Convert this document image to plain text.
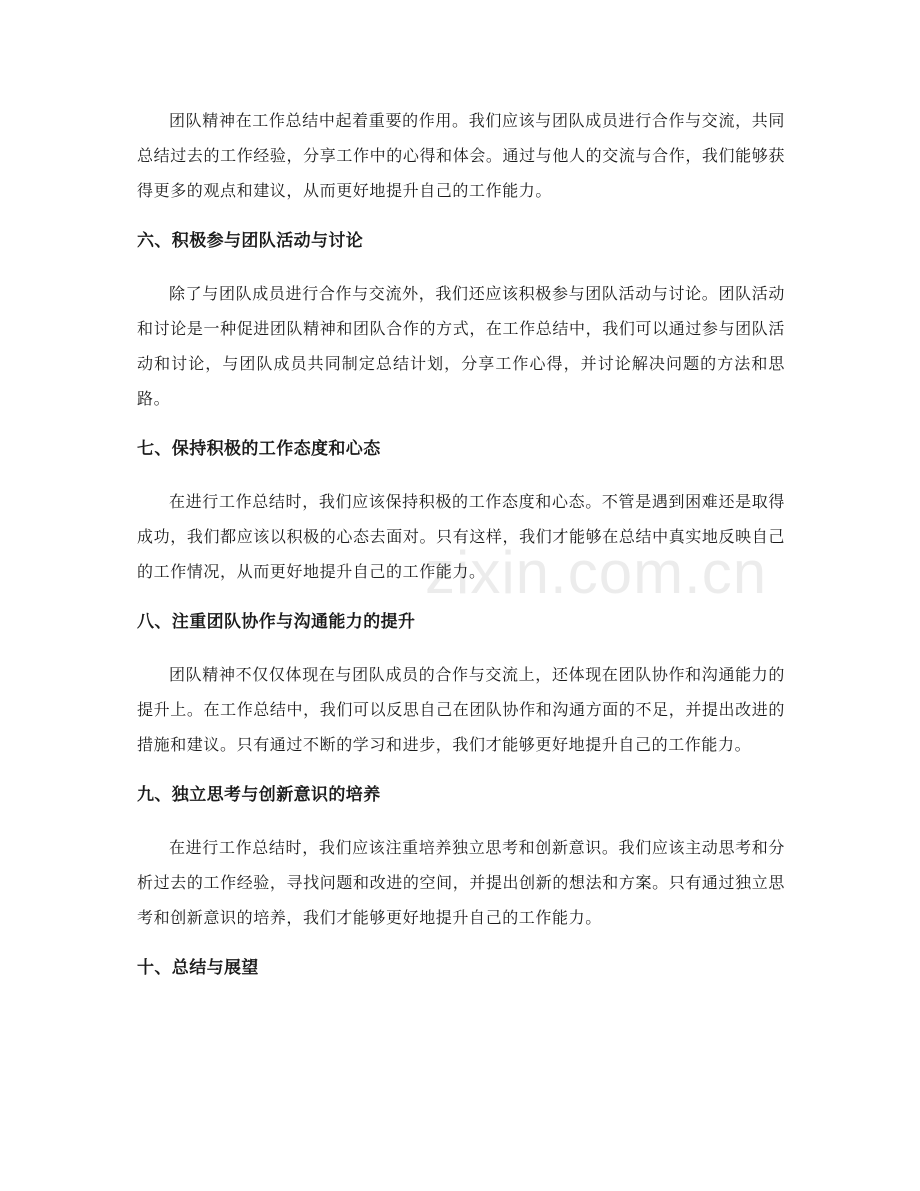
zixin.com.cn

团队精神在工作总结中起着重要的作用。我们应该与团队成员进行合作与交流，共同总结过去的工作经验，分享工作中的心得和体会。通过与他人的交流与合作，我们能够获得更多的观点和建议，从而更好地提升自己的工作能力。

六、积极参与团队活动与讨论

除了与团队成员进行合作与交流外，我们还应该积极参与团队活动与讨论。团队活动和讨论是一种促进团队精神和团队合作的方式，在工作总结中，我们可以通过参与团队活动和讨论，与团队成员共同制定总结计划，分享工作心得，并讨论解决问题的方法和思路。

七、保持积极的工作态度和心态

在进行工作总结时，我们应该保持积极的工作态度和心态。不管是遇到困难还是取得成功，我们都应该以积极的心态去面对。只有这样，我们才能够在总结中真实地反映自己的工作情况，从而更好地提升自己的工作能力。

八、注重团队协作与沟通能力的提升

团队精神不仅仅体现在与团队成员的合作与交流上，还体现在团队协作和沟通能力的提升上。在工作总结中，我们可以反思自己在团队协作和沟通方面的不足，并提出改进的措施和建议。只有通过不断的学习和进步，我们才能够更好地提升自己的工作能力。

九、独立思考与创新意识的培养

在进行工作总结时，我们应该注重培养独立思考和创新意识。我们应该主动思考和分析过去的工作经验，寻找问题和改进的空间，并提出创新的想法和方案。只有通过独立思考和创新意识的培养，我们才能够更好地提升自己的工作能力。

十、总结与展望
